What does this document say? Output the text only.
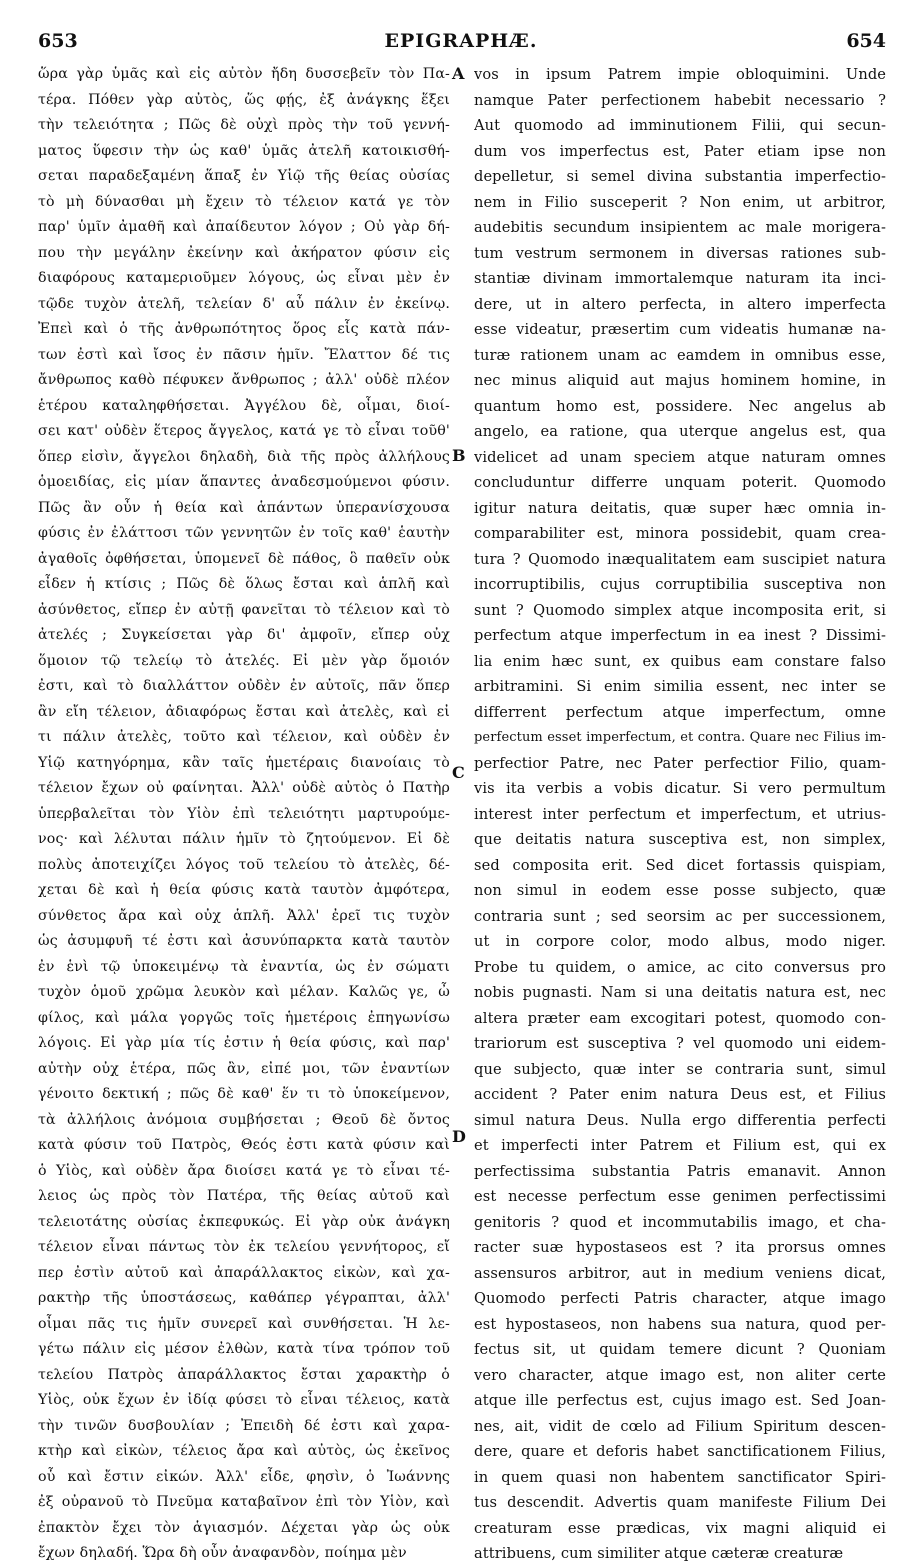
653	EPIGRAPHÆ.	654
ὥρα γὰρ ὑμᾶς καὶ εἰς αὐτὸν ἤδη δυσσεβεῖν τὸν Πα-
τέρα. Πόθεν γὰρ αὐτὸς, ὥς φῄς, ἐξ ἀνάγκης ἕξει
τὴν τελειότητα ; Πῶς δὲ οὐχὶ πρὸς τὴν τοῦ γεννή-
ματος ὕφεσιν τὴν ὡς καθ' ὑμᾶς ἀτελῆ κατοικισθή-
σεται παραδεξαμένη ἅπαξ ἐν Υἱῷ τῆς θείας οὐσίας
τὸ μὴ δύνασθαι μὴ ἔχειν τὸ τέλειον κατά γε τὸν
παρ' ὑμῖν ἀμαθῆ καὶ ἀπαίδευτον λόγον ; Οὐ γὰρ δή-
που τὴν μεγάλην ἐκείνην καὶ ἀκήρατον φύσιν εἰς
διαφόρους καταμεριοῦμεν λόγους, ὡς εἶναι μὲν ἐν
τῷδε τυχὸν ἀτελῆ, τελείαν δ' αὖ πάλιν ἐν ἐκείνῳ.
Ἐπεὶ καὶ ὁ τῆς ἀνθρωπότητος ὅρος εἷς κατὰ πάν-
των ἐστὶ καὶ ἴσος ἐν πᾶσιν ἡμῖν. Ἔλαττον δέ τις
ἄνθρωπος καθὸ πέφυκεν ἄνθρωπος ; ἀλλ' οὐδὲ πλέον
ἑτέρου καταληφθήσεται. Ἀγγέλου δὲ, οἶμαι, διοί-
σει κατ' οὐδὲν ἕτερος ἄγγελος, κατά γε τὸ εἶναι τοῦθ'
ὅπερ εἰσὶν, ἄγγελοι δηλαδὴ, διὰ τῆς πρὸς ἀλλήλους
ὁμοειδίας, εἰς μίαν ἅπαντες ἀναδεσμούμενοι φύσιν.
Πῶς ἂν οὖν ἡ θεία καὶ ἁπάντων ὑπερανίσχουσα
φύσις ἐν ἐλάττοσι τῶν γεννητῶν ἐν τοῖς καθ' ἑαυτὴν
ἀγαθοῖς ὀφθήσεται, ὑπομενεῖ δὲ πάθος, ὃ παθεῖν οὐκ
εἶδεν ἡ κτίσις ; Πῶς δὲ ὅλως ἔσται καὶ ἁπλῆ καὶ
ἀσύνθετος, εἴπερ ἐν αὐτῇ φανεῖται τὸ τέλειον καὶ τὸ
ἀτελές ; Συγκείσεται γὰρ δι' ἀμφοῖν, εἴπερ οὐχ
ὅμοιον τῷ τελείῳ τὸ ἀτελές. Εἰ μὲν γὰρ ὅμοιόν
ἐστι, καὶ τὸ διαλλάττον οὐδὲν ἐν αὐτοῖς, πᾶν ὅπερ
ἂν εἴη τέλειον, ἀδιαφόρως ἔσται καὶ ἀτελὲς, καὶ εἰ
τι πάλιν ἀτελὲς, τοῦτο καὶ τέλειον, καὶ οὐδὲν ἐν
Υἱῷ κατηγόρημα, κἂν ταῖς ἡμετέραις διανοίαις τὸ
τέλειον ἔχων οὐ φαίνηται. Ἀλλ' οὐδὲ αὐτὸς ὁ Πατὴρ
ὑπερβαλεῖται τὸν Υἱὸν ἐπὶ τελειότητι μαρτυρούμε-
νος· καὶ λέλυται πάλιν ἡμῖν τὸ ζητούμενον. Εἰ δὲ
πολὺς ἀποτειχίζει λόγος τοῦ τελείου τὸ ἀτελὲς, δέ-
χεται δὲ καὶ ἡ θεία φύσις κατὰ ταυτὸν ἀμφότερα,
σύνθετος ἄρα καὶ οὐχ ἁπλῆ. Ἀλλ' ἐρεῖ τις τυχὸν
ὡς ἀσυμφυῆ τέ ἐστι καὶ ἀσυνύπαρκτα κατὰ ταυτὸν
ἐν ἑνὶ τῷ ὑποκειμένῳ τὰ ἐναντία, ὡς ἐν σώματι
τυχὸν ὁμοῦ χρῶμα λευκὸν καὶ μέλαν. Καλῶς γε, ὦ
φίλος, καὶ μάλα γοργῶς τοῖς ἡμετέροις ἐπηγωνίσω
λόγοις. Εἰ γὰρ μία τίς ἐστιν ἡ θεία φύσις, καὶ παρ'
αὐτὴν οὐχ ἑτέρα, πῶς ἂν, εἰπέ μοι, τῶν ἐναντίων
γένοιτο δεκτική ; πῶς δὲ καθ' ἕν τι τὸ ὑποκείμενον,
τὰ ἀλλήλοις ἀνόμοια συμβήσεται ; Θεοῦ δὲ ὄντος
κατὰ φύσιν τοῦ Πατρὸς, Θεός ἐστι κατὰ φύσιν καὶ
ὁ Υἱὸς, καὶ οὐδὲν ἄρα διοίσει κατά γε τὸ εἶναι τέ-
λειος ὡς πρὸς τὸν Πατέρα, τῆς θείας αὐτοῦ καὶ
τελειοτάτης οὐσίας ἐκπεφυκώς. Εἰ γὰρ οὐκ ἀνάγκη
τέλειον εἶναι πάντως τὸν ἐκ τελείου γεννήτορος, εἴ
περ ἐστὶν αὐτοῦ καὶ ἀπαράλλακτος εἰκὼν, καὶ χα-
ρακτὴρ τῆς ὑποστάσεως, καθάπερ γέγραπται, ἀλλ'
οἶμαι πᾶς τις ἡμῖν συνερεῖ καὶ συνθήσεται. Ἡ λε-
γέτω πάλιν εἰς μέσον ἐλθὼν, κατὰ τίνα τρόπον τοῦ
τελείου Πατρὸς ἀπαράλλακτος ἔσται χαρακτὴρ ὁ
Υἱὸς, οὐκ ἔχων ἐν ἰδίᾳ φύσει τὸ εἶναι τέλειος, κατὰ
τὴν τινῶν δυσβουλίαν ; Ἐπειδὴ δέ ἐστι καὶ χαρα-
κτὴρ καὶ εἰκὼν, τέλειος ἄρα καὶ αὐτὸς, ὡς ἐκεῖνος
οὗ καὶ ἔστιν εἰκών. Ἀλλ' εἶδε, φησὶν, ὁ Ἰωάννης
ἐξ οὐρανοῦ τὸ Πνεῦμα καταβαῖνον ἐπὶ τὸν Υἱὸν, καὶ
ἐπακτὸν ἔχει τὸν ἁγιασμόν. Δέχεται γὰρ ὡς οὐκ
ἔχων δηλαδή. Ὥρα δὴ οὖν ἀναφανδὸν, ποίημα μὲν
vos in ipsum Patrem impie obloquimini. Unde
namque Pater perfectionem habebit necessario ?
Aut quomodo ad imminutionem Filii, qui secun-
dum vos imperfectus est, Pater etiam ipse non
depelletur, si semel divina substantia imperfectio-
nem in Filio susceperit ? Non enim, ut arbitror,
audebitis secundum insipientem ac male morigera-
tum vestrum sermonem in diversas rationes sub-
stantiæ divinam immortalemque naturam ita inci-
dere, ut in altero perfecta, in altero imperfecta
esse videatur, præsertim cum videatis humanæ na-
turæ rationem unam ac eamdem in omnibus esse,
nec minus aliquid aut majus hominem homine, in
quantum homo est, possidere. Nec angelus ab
angelo, ea ratione, qua uterque angelus est, qua
videlicet ad unam speciem atque naturam omnes
concluduntur differre unquam poterit. Quomodo
igitur natura deitatis, quæ super hæc omnia in-
comparabiliter est, minora possidebit, quam crea-
tura ? Quomodo inæqualitatem eam suscipiet natura
incorruptibilis, cujus corruptibilia susceptiva non
sunt ? Quomodo simplex atque incomposita erit, si
perfectum atque imperfectum in ea inest ? Dissimi-
lia enim hæc sunt, ex quibus eam constare falso
arbitramini. Si enim similia essent, nec inter se
differrent perfectum atque imperfectum, omne
perfectum esset imperfectum, et contra. Quare nec Filius im-
perfectior Patre, nec Pater perfectior Filio, quam-
vis ita verbis a vobis dicatur. Si vero permultum
interest inter perfectum et imperfectum, et utrius-
que deitatis natura susceptiva est, non simplex,
sed composita erit. Sed dicet fortassis quispiam,
non simul in eodem esse posse subjecto, quæ
contraria sunt ; sed seorsim ac per successionem,
ut in corpore color, modo albus, modo niger.
Probe tu quidem, o amice, ac cito conversus pro
nobis pugnasti. Nam si una deitatis natura est, nec
altera præter eam excogitari potest, quomodo con-
trariorum est susceptiva ? vel quomodo uni eidem-
que subjecto, quæ inter se contraria sunt, simul
accident ? Pater enim natura Deus est, et Filius
simul natura Deus. Nulla ergo differentia perfecti
et imperfecti inter Patrem et Filium est, qui ex
perfectissima substantia Patris emanavit. Annon
est necesse perfectum esse genimen perfectissimi
genitoris ? quod et incommutabilis imago, et cha-
racter suæ hypostaseos est ? ita prorsus omnes
assensuros arbitror, aut in medium veniens dicat,
Quomodo perfecti Patris character, atque imago
est hypostaseos, non habens sua natura, quod per-
fectus sit, ut quidam temere dicunt ? Quoniam
vero character, atque imago est, non aliter certe
atque ille perfectus est, cujus imago est. Sed Joan-
nes, ait, vidit de cœlo ad Filium Spiritum descen-
dere, quare et deforis habet sanctificationem Filius,
in quem quasi non habentem sanctificator Spiri-
tus descendit. Advertis quam manifeste Filium Dei
creaturam esse prædicas, vix magni aliquid ei
attribuens, cum similiter atque cæteræ creaturæ
A
B
C
D
